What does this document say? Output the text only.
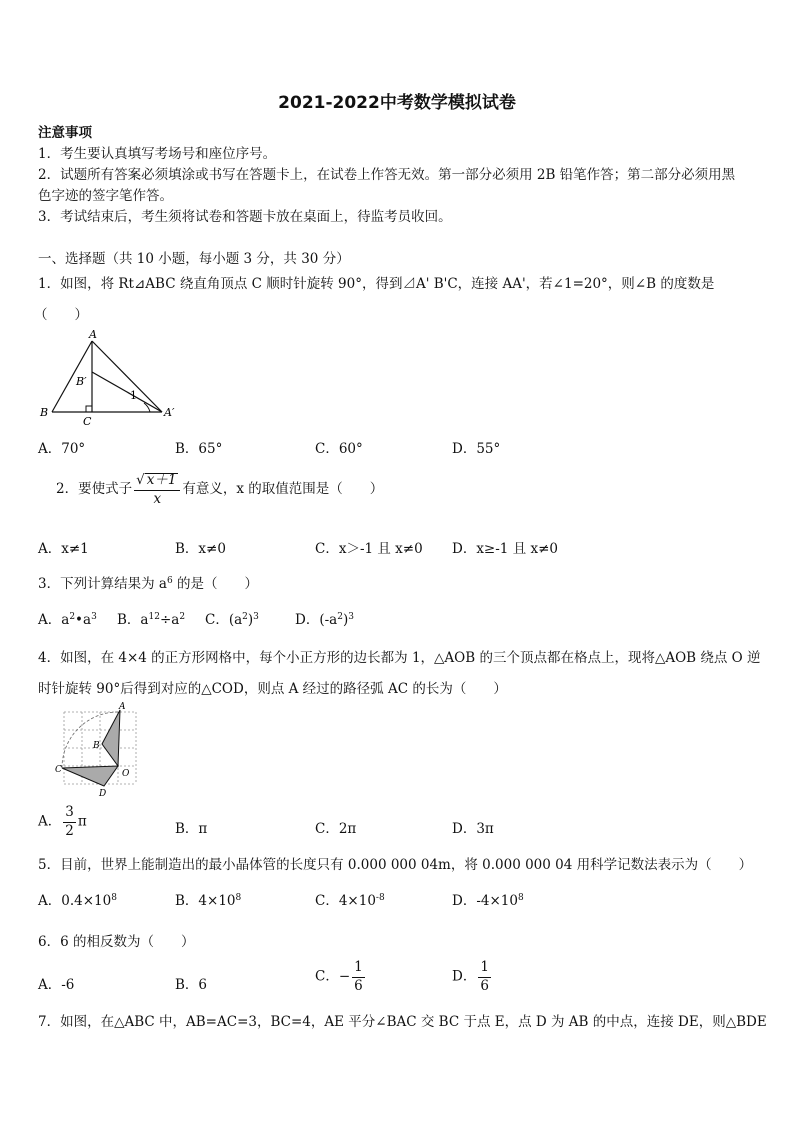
2021-2022中考数学模拟试卷
注意事项
1．考生要认真填写考场号和座位序号。
2．试题所有答案必须填涂或书写在答题卡上，在试卷上作答无效。第一部分必须用 2B 铅笔作答；第二部分必须用黑
色字迹的签字笔作答。
3．考试结束后，考生须将试卷和答题卡放在桌面上，待监考员收回。
一、选择题（共 10 小题，每小题 3 分，共 30 分）
1．如图，将 Rt⊿ABC 绕直角顶点 C 顺时针旋转 90°，得到⊿A' B'C，连接 AA'，若∠1=20°，则∠B 的度数是
（　　）
A
B
B′
C
A′
1
A．70°	B．65°	C．60°	D．55°
2．要使式子 $\frac{√ x+1}{x}$ 有意义，x 的取值范围是（　　）
A．x≠1	B．x≠0	C．x＞-1 且 x≠0 D．x≥-1 且 x≠0
3．下列计算结果为 $a^6$ 的是（　　）
A．$a^2•a^3$ B．$a^{12}\div a^2$ C．$(a^2)^3$	D．$(-a^2)^3$
4．如图，在 4×4 的正方形网格中，每个小正方形的边长都为 1，△AOB 的三个顶点都在格点上，现将△AOB 绕点 O 逆
时针旋转 90°后得到对应的△COD，则点 A 经过的路径弧 AC 的长为（　　）
A
B
C
D
O
A． $\frac{3}{2}$ π	B．π	C．2π	D．3π
5．目前，世界上能制造出的最小晶体管的长度只有 0.000 000 04m，将 0.000 000 04 用科学记数法表示为（　　）
A．$0.4\times 10^8$	B．$4\times 10^8$	C．$4\times 10^{-8}$	D．$-4\times 10^8$
6．6 的相反数为（　　）
A．-6	B．6
C．− $\frac{1}{6}$	D． $\frac{1}{6}$
7．如图，在△ABC 中，AB=AC=3，BC=4，AE 平分∠BAC 交 BC 于点 E，点 D 为 AB 的中点，连接 DE，则△BDE
